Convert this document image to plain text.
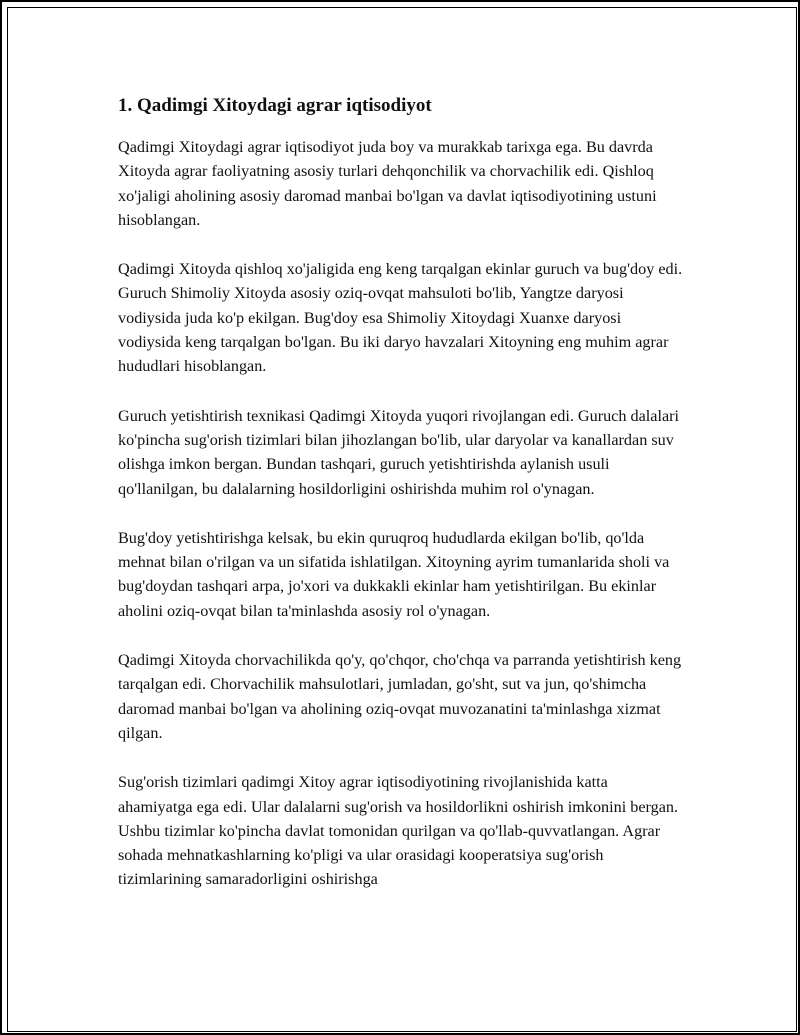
1. Qadimgi Xitoydagi agrar iqtisodiyot

Qadimgi Xitoydagi agrar iqtisodiyot juda boy va murakkab tarixga ega. Bu davrda Xitoyda agrar faoliyatning asosiy turlari dehqonchilik va chorvachilik edi. Qishloq xo'jaligi aholining asosiy daromad manbai bo'lgan va davlat iqtisodiyotining ustuni hisoblangan.

Qadimgi Xitoyda qishloq xo'jaligida eng keng tarqalgan ekinlar guruch va bug'doy edi. Guruch Shimoliy Xitoyda asosiy oziq-ovqat mahsuloti bo'lib, Yangtze daryosi vodiysida juda ko'p ekilgan. Bug'doy esa Shimoliy Xitoydagi Xuanxe daryosi vodiysida keng tarqalgan bo'lgan. Bu iki daryo havzalari Xitoyning eng muhim agrar hududlari hisoblangan.

Guruch yetishtirish texnikasi Qadimgi Xitoyda yuqori rivojlangan edi. Guruch dalalari ko'pincha sug'orish tizimlari bilan jihozlangan bo'lib, ular daryolar va kanallardan suv olishga imkon bergan. Bundan tashqari, guruch yetishtirishda aylanish usuli qo'llanilgan, bu dalalarning hosildorligini oshirishda muhim rol o'ynagan.

Bug'doy yetishtirishga kelsak, bu ekin quruqroq hududlarda ekilgan bo'lib, qo'lda mehnat bilan o'rilgan va un sifatida ishlatilgan. Xitoyning ayrim tumanlarida sholi va bug'doydan tashqari arpa, jo'xori va dukkakli ekinlar ham yetishtirilgan. Bu ekinlar aholini oziq-ovqat bilan ta'minlashda asosiy rol o'ynagan.

Qadimgi Xitoyda chorvachilikda qo'y, qo'chqor, cho'chqa va parranda yetishtirish keng tarqalgan edi. Chorvachilik mahsulotlari, jumladan, go'sht, sut va jun, qo'shimcha daromad manbai bo'lgan va aholining oziq-ovqat muvozanatini ta'minlashga xizmat qilgan.

Sug'orish tizimlari qadimgi Xitoy agrar iqtisodiyotining rivojlanishida katta ahamiyatga ega edi. Ular dalalarni sug'orish va hosildorlikni oshirish imkonini bergan. Ushbu tizimlar ko'pincha davlat tomonidan qurilgan va qo'llab-quvvatlangan. Agrar sohada mehnatkashlarning ko'pligi va ular orasidagi kooperatsiya sug'orish tizimlarining samaradorligini oshirishga
